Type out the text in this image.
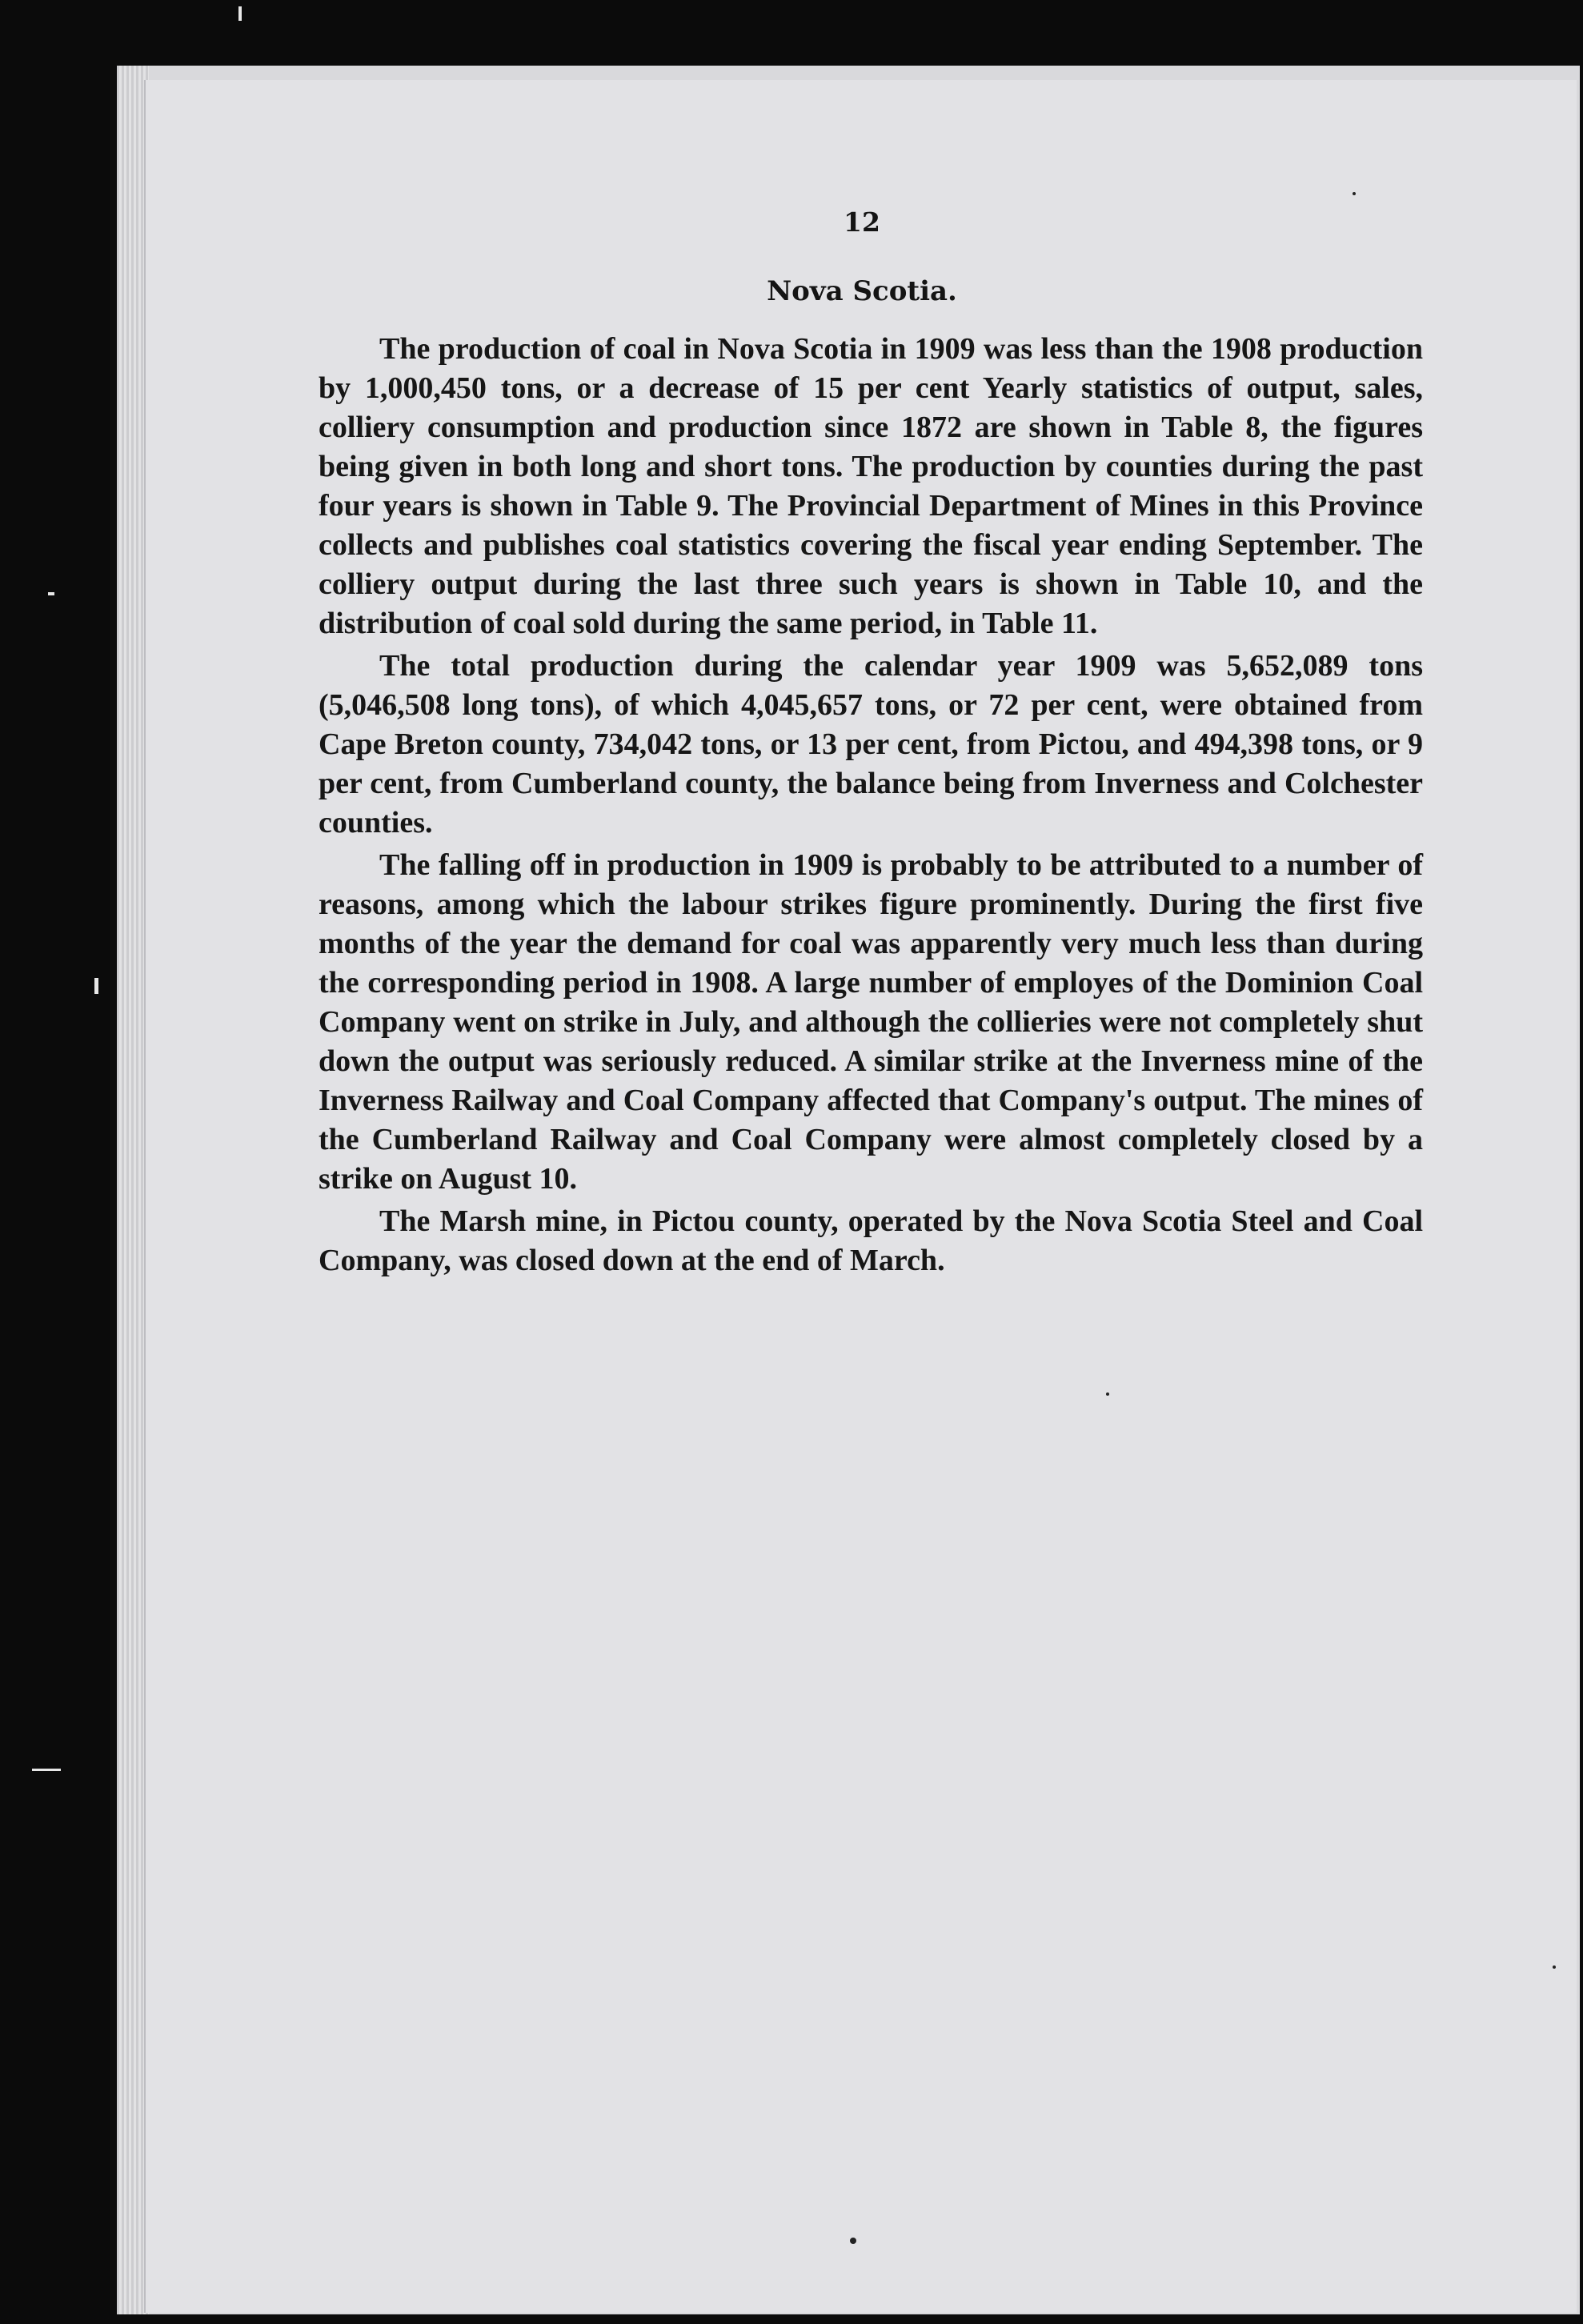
12
Nova Scotia.

The production of coal in Nova Scotia in 1909 was less than the 1908 production by 1,000,450 tons, or a decrease of 15 per cent Yearly statistics of output, sales, colliery consumption and production since 1872 are shown in Table 8, the figures being given in both long and short tons. The production by counties during the past four years is shown in Table 9. The Provincial Department of Mines in this Province collects and publishes coal statistics covering the fiscal year ending September. The colliery output during the last three such years is shown in Table 10, and the distribution of coal sold during the same period, in Table 11.

The total production during the calendar year 1909 was 5,652,089 tons (5,046,508 long tons), of which 4,045,657 tons, or 72 per cent, were obtained from Cape Breton county, 734,042 tons, or 13 per cent, from Pictou, and 494,398 tons, or 9 per cent, from Cumberland county, the balance being from Inverness and Colchester counties.

The falling off in production in 1909 is probably to be attributed to a number of reasons, among which the labour strikes figure prominently. During the first five months of the year the demand for coal was apparently very much less than during the corresponding period in 1908. A large number of employes of the Dominion Coal Company went on strike in July, and although the collieries were not completely shut down the output was seriously reduced. A similar strike at the Inverness mine of the Inverness Railway and Coal Company affected that Company's output. The mines of the Cumberland Railway and Coal Company were almost completely closed by a strike on August 10.

The Marsh mine, in Pictou county, operated by the Nova Scotia Steel and Coal Company, was closed down at the end of March.
